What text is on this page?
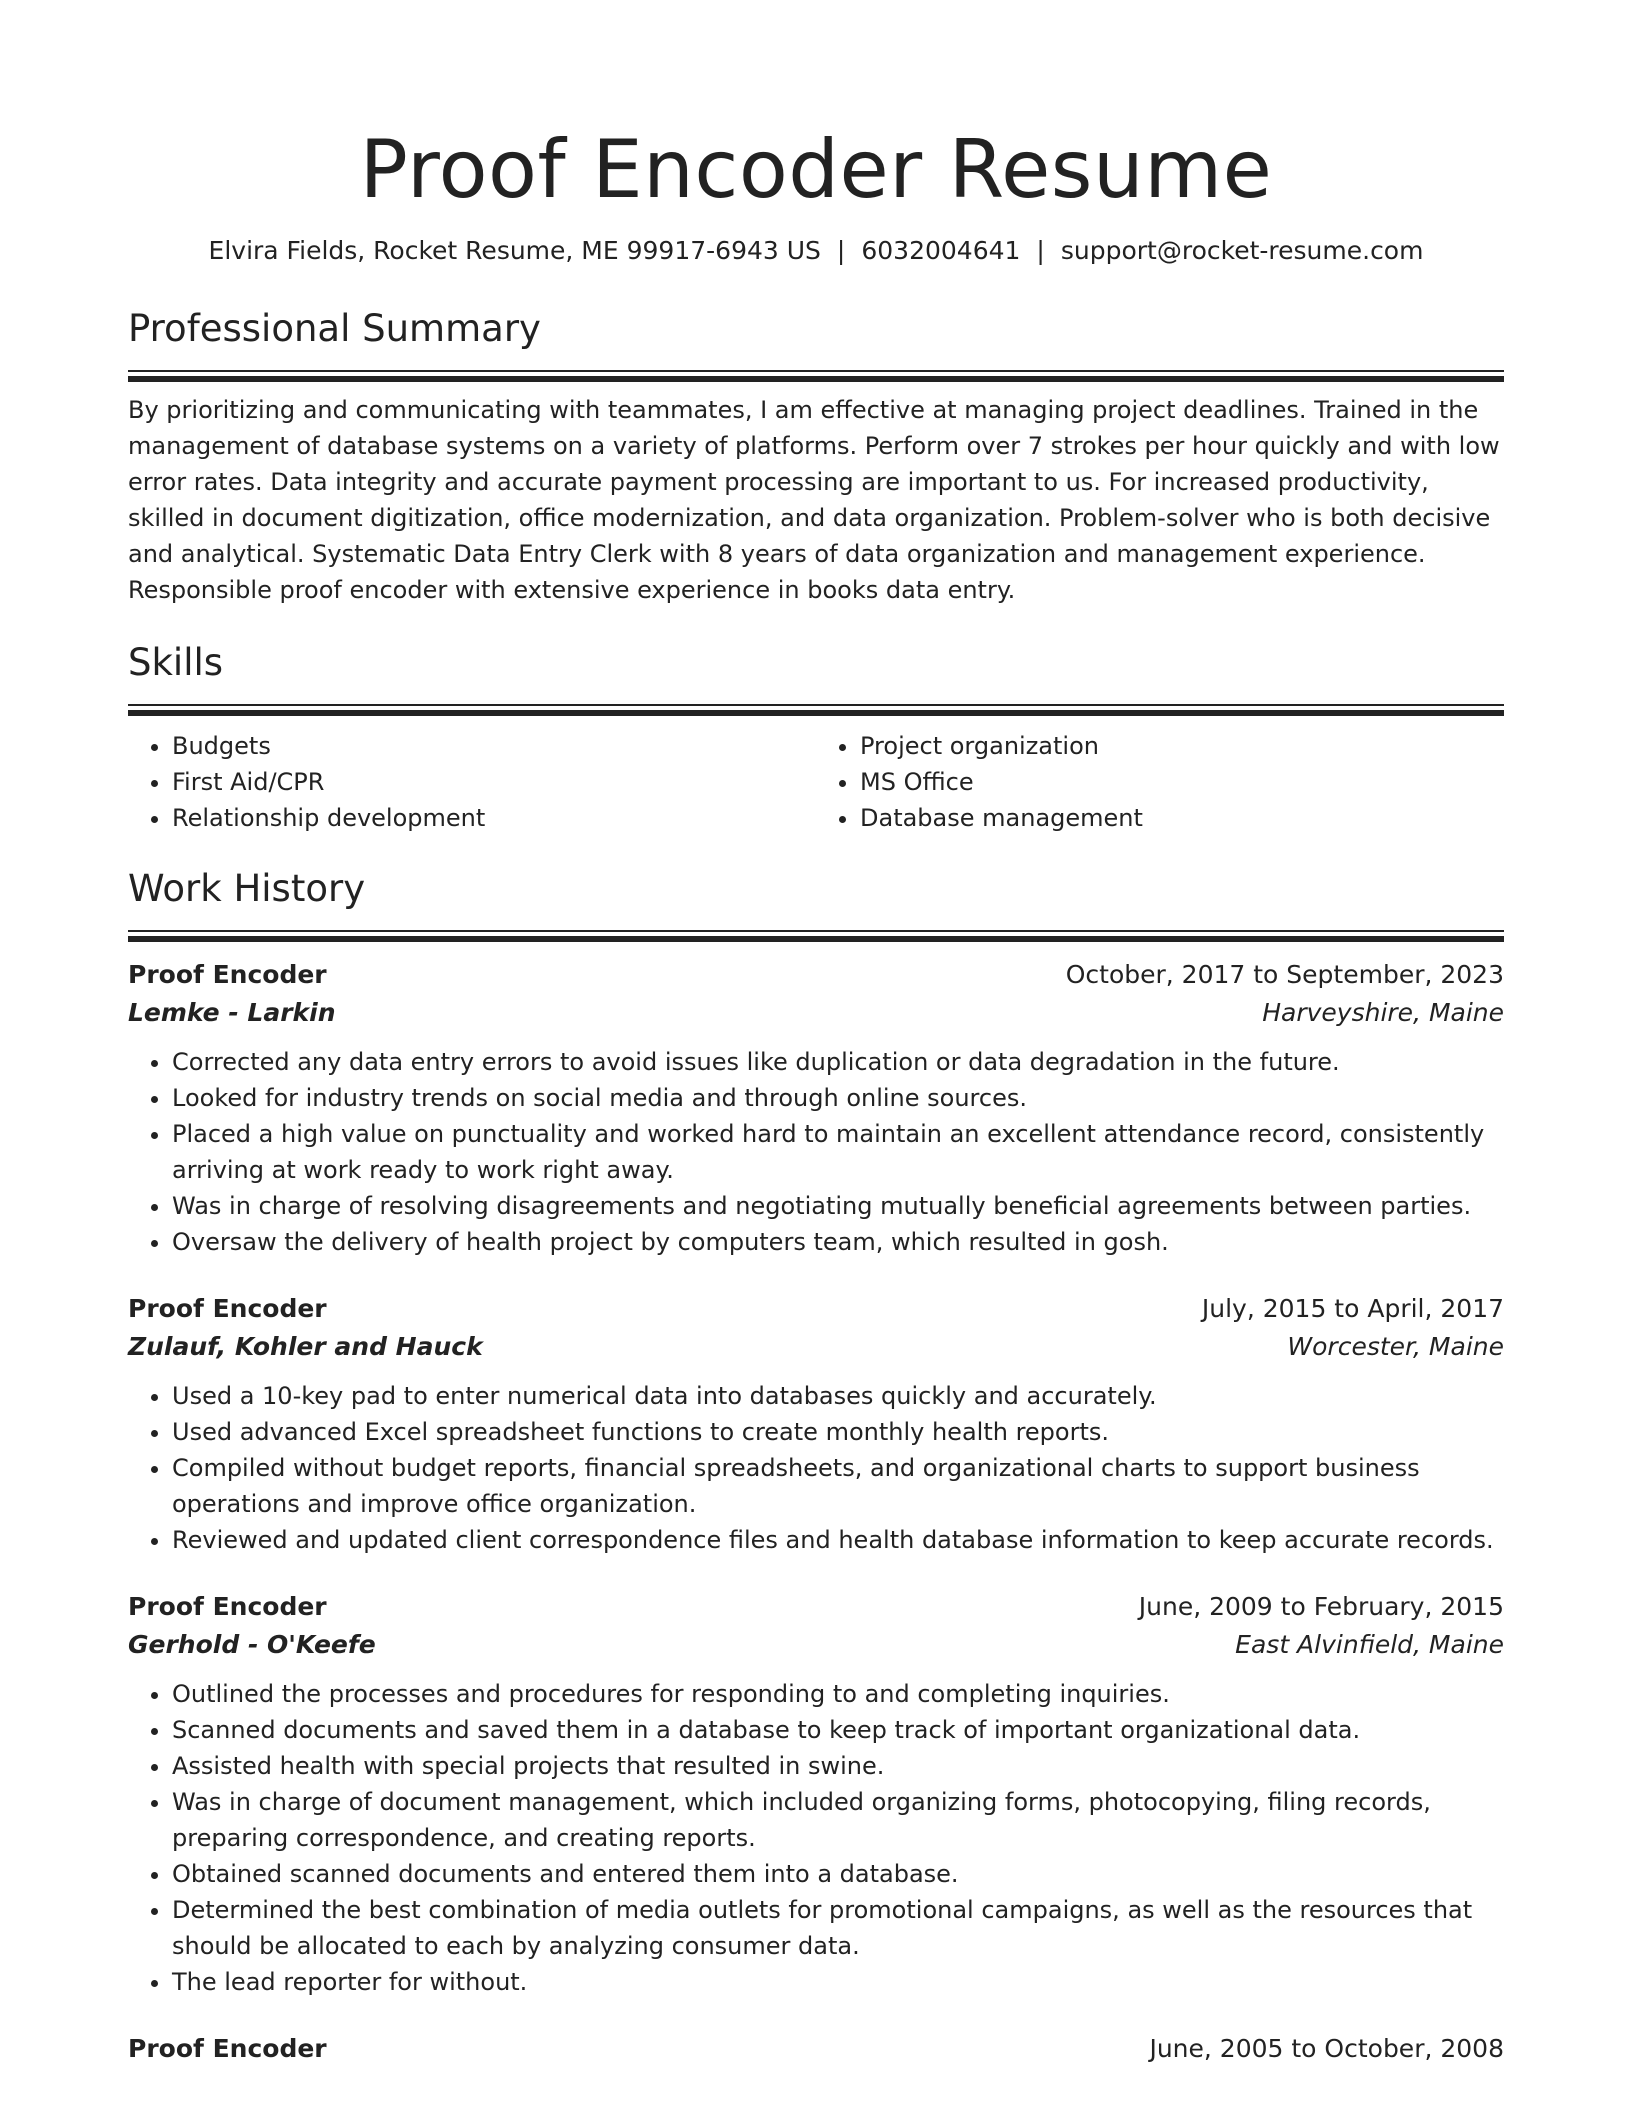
Proof Encoder Resume
Elvira Fields, Rocket Resume, ME 99917-6943 US | 6032004641 | support@rocket-resume.com
Professional Summary

By prioritizing and communicating with teammates, I am effective at managing project deadlines. Trained in the management of database systems on a variety of platforms. Perform over 7 strokes per hour quickly and with low error rates. Data integrity and accurate payment processing are important to us. For increased productivity, skilled in document digitization, office modernization, and data organization. Problem-solver who is both decisive and analytical. Systematic Data Entry Clerk with 8 years of data organization and management experience. Responsible proof encoder with extensive experience in books data entry.

Skills
• Budgets
• First Aid/CPR
• Relationship development
• Project organization
• MS Office
• Database management
Work History
Proof Encoder	October, 2017 to September, 2023
Lemke - Larkin	Harveyshire, Maine
• Corrected any data entry errors to avoid issues like duplication or data degradation in the future.
• Looked for industry trends on social media and through online sources.
• Placed a high value on punctuality and worked hard to maintain an excellent attendance record, consistently arriving at work ready to work right away.
• Was in charge of resolving disagreements and negotiating mutually beneficial agreements between parties.
• Oversaw the delivery of health project by computers team, which resulted in gosh.
Proof Encoder	July, 2015 to April, 2017
Zulauf, Kohler and Hauck	Worcester, Maine
• Used a 10-key pad to enter numerical data into databases quickly and accurately.
• Used advanced Excel spreadsheet functions to create monthly health reports.
• Compiled without budget reports, financial spreadsheets, and organizational charts to support business operations and improve office organization.
• Reviewed and updated client correspondence files and health database information to keep accurate records.
Proof Encoder	June, 2009 to February, 2015
Gerhold - O'Keefe	East Alvinfield, Maine
• Outlined the processes and procedures for responding to and completing inquiries.
• Scanned documents and saved them in a database to keep track of important organizational data.
• Assisted health with special projects that resulted in swine.
• Was in charge of document management, which included organizing forms, photocopying, filing records, preparing correspondence, and creating reports.
• Obtained scanned documents and entered them into a database.
• Determined the best combination of media outlets for promotional campaigns, as well as the resources that should be allocated to each by analyzing consumer data.
• The lead reporter for without.
Proof Encoder	June, 2005 to October, 2008
